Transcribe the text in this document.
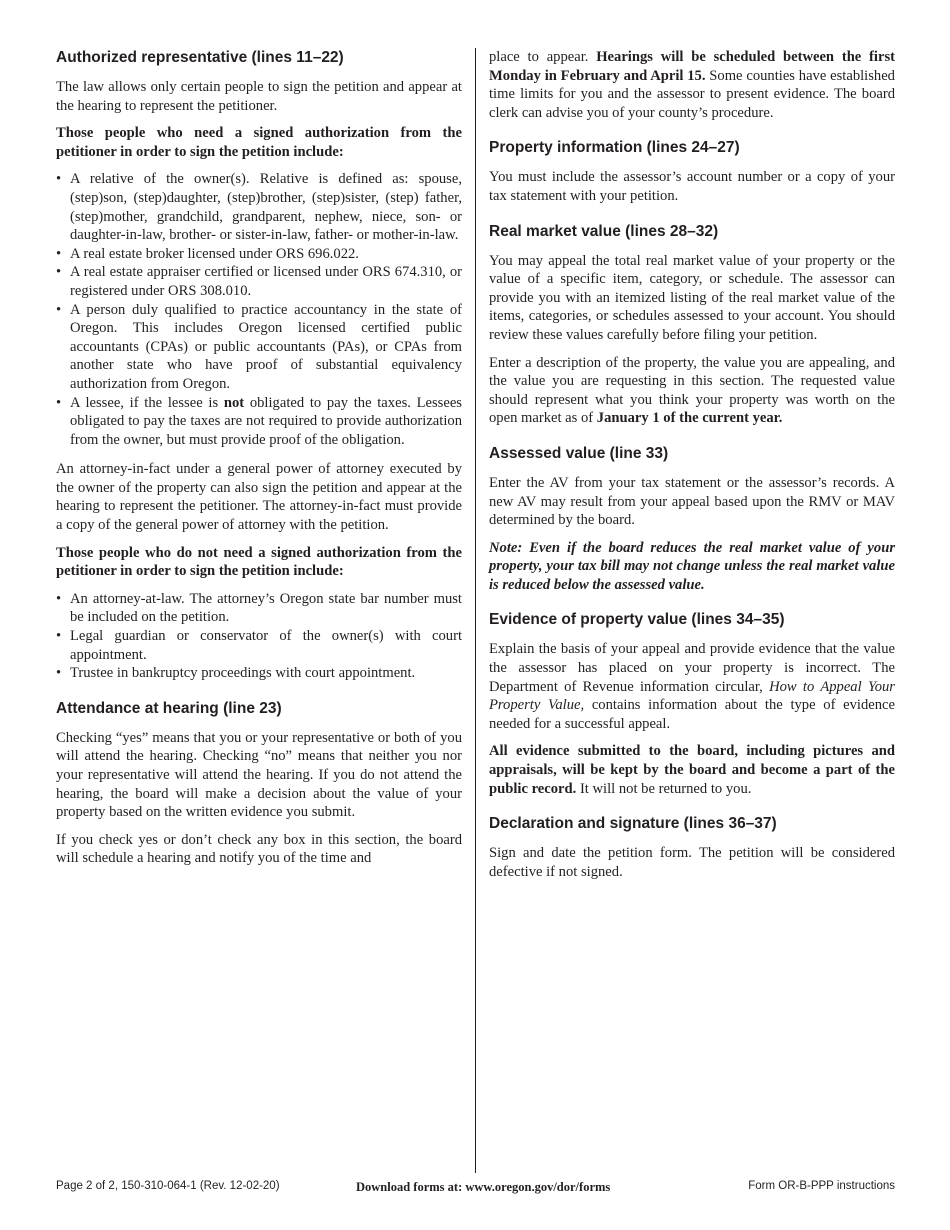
Authorized representative (lines 11–22)

The law allows only certain people to sign the petition and appear at the hearing to represent the petitioner.

Those people who need a signed authorization from the petitioner in order to sign the petition include:

• A relative of the owner(s). Relative is defined as: spouse, (step)son, (step)daughter, (step)brother, (step)sister, (step) father, (step)mother, grandchild, grandparent, nephew, niece, son- or daughter-in-law, brother- or sister-in-law, father- or mother-in-law.
• A real estate broker licensed under ORS 696.022.
• A real estate appraiser certified or licensed under ORS 674.310, or registered under ORS 308.010.
• A person duly qualified to practice accountancy in the state of Oregon. This includes Oregon licensed certified public accountants (CPAs) or public accountants (PAs), or CPAs from another state who have proof of substantial equivalency authorization from Oregon.
• A lessee, if the lessee is not obligated to pay the taxes. Lessees obligated to pay the taxes are not required to provide authorization from the owner, but must provide proof of the obligation.

An attorney-in-fact under a general power of attorney executed by the owner of the property can also sign the petition and appear at the hearing to represent the petitioner. The attorney-in-fact must provide a copy of the general power of attorney with the petition.

Those people who do not need a signed authorization from the petitioner in order to sign the petition include:

• An attorney-at-law. The attorney’s Oregon state bar number must be included on the petition.
• Legal guardian or conservator of the owner(s) with court appointment.
• Trustee in bankruptcy proceedings with court appointment.
Attendance at hearing (line 23)

Checking “yes” means that you or your representative or both of you will attend the hearing. Checking “no” means that neither you nor your representative will attend the hearing. If you do not attend the hearing, the board will make a decision about the value of your property based on the written evidence you submit.

If you check yes or don’t check any box in this section, the board will schedule a hearing and notify you of the time and

place to appear. Hearings will be scheduled between the first Monday in February and April 15. Some counties have established time limits for you and the assessor to present evidence. The board clerk can advise you of your county’s procedure.

Property information (lines 24–27)

You must include the assessor’s account number or a copy of your tax statement with your petition.

Real market value (lines 28–32)

You may appeal the total real market value of your property or the value of a specific item, category, or schedule. The assessor can provide you with an itemized listing of the real market value of the items, categories, or schedules assessed to your account. You should review these values carefully before filing your petition.

Enter a description of the property, the value you are appealing, and the value you are requesting in this section. The requested value should represent what you think your property was worth on the open market as of January 1 of the current year.

Assessed value (line 33)

Enter the AV from your tax statement or the assessor’s records. A new AV may result from your appeal based upon the RMV or MAV determined by the board.

Note: Even if the board reduces the real market value of your property, your tax bill may not change unless the real market value is reduced below the assessed value.

Evidence of property value (lines 34–35)

Explain the basis of your appeal and provide evidence that the value the assessor has placed on your property is incorrect. The Department of Revenue information circular, How to Appeal Your Property Value, contains information about the type of evidence needed for a successful appeal.

All evidence submitted to the board, including pictures and appraisals, will be kept by the board and become a part of the public record. It will not be returned to you.

Declaration and signature (lines 36–37)

Sign and date the petition form. The petition will be considered defective if not signed.

Page 2 of 2, 150-310-064-1 (Rev. 12-02-20)	Download forms at: www.oregon.gov/dor/forms	Form OR-B-PPP instructions
